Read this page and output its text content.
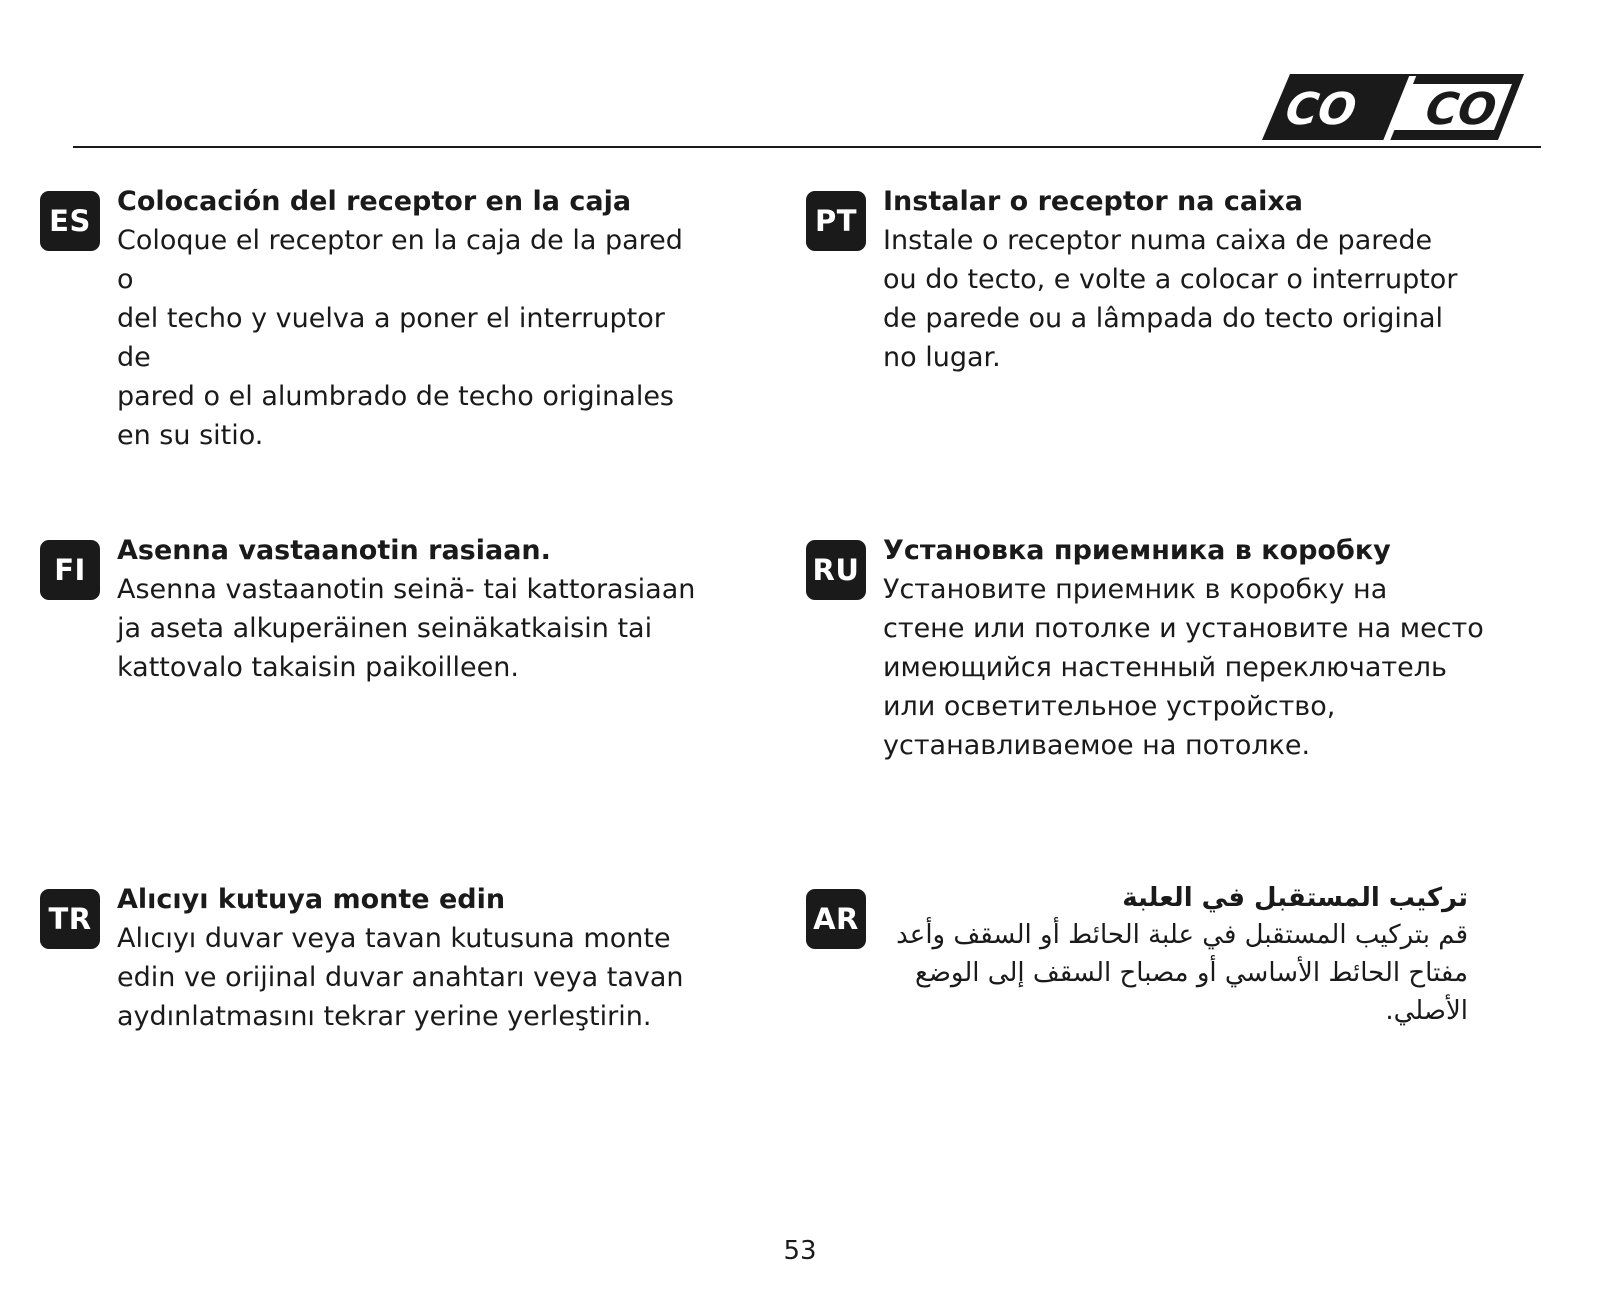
CO CO
ES
Colocación del receptor en la caja
Coloque el receptor en la caja de la pared o
del techo y vuelva a poner el interruptor de
pared o el alumbrado de techo originales
en su sitio.
PT
Instalar o receptor na caixa
Instale o receptor numa caixa de parede
ou do tecto, e volte a colocar o interruptor
de parede ou a lâmpada do tecto original
no lugar.
FI
Asenna vastaanotin rasiaan.
Asenna vastaanotin seinä- tai kattorasiaan
ja aseta alkuperäinen seinäkatkaisin tai
kattovalo takaisin paikoilleen.
RU
Установка приемника в коробку
Установите приемник в коробку на
стене или потолке и установите на место
имеющийся настенный переключатель
или осветительное устройство,
устанавливаемое на потолке.
TR
Alıcıyı kutuya monte edin
Alıcıyı duvar veya tavan kutusuna monte
edin ve orijinal duvar anahtarı veya tavan
aydınlatmasını tekrar yerine yerleştirin.
AR
تركيب المستقبل في العلبة
قم بتركيب المستقبل في علبة الحائط أو السقف وأعد
مفتاح الحائط الأساسي أو مصباح السقف إلى الوضع
الأصلي.
53
